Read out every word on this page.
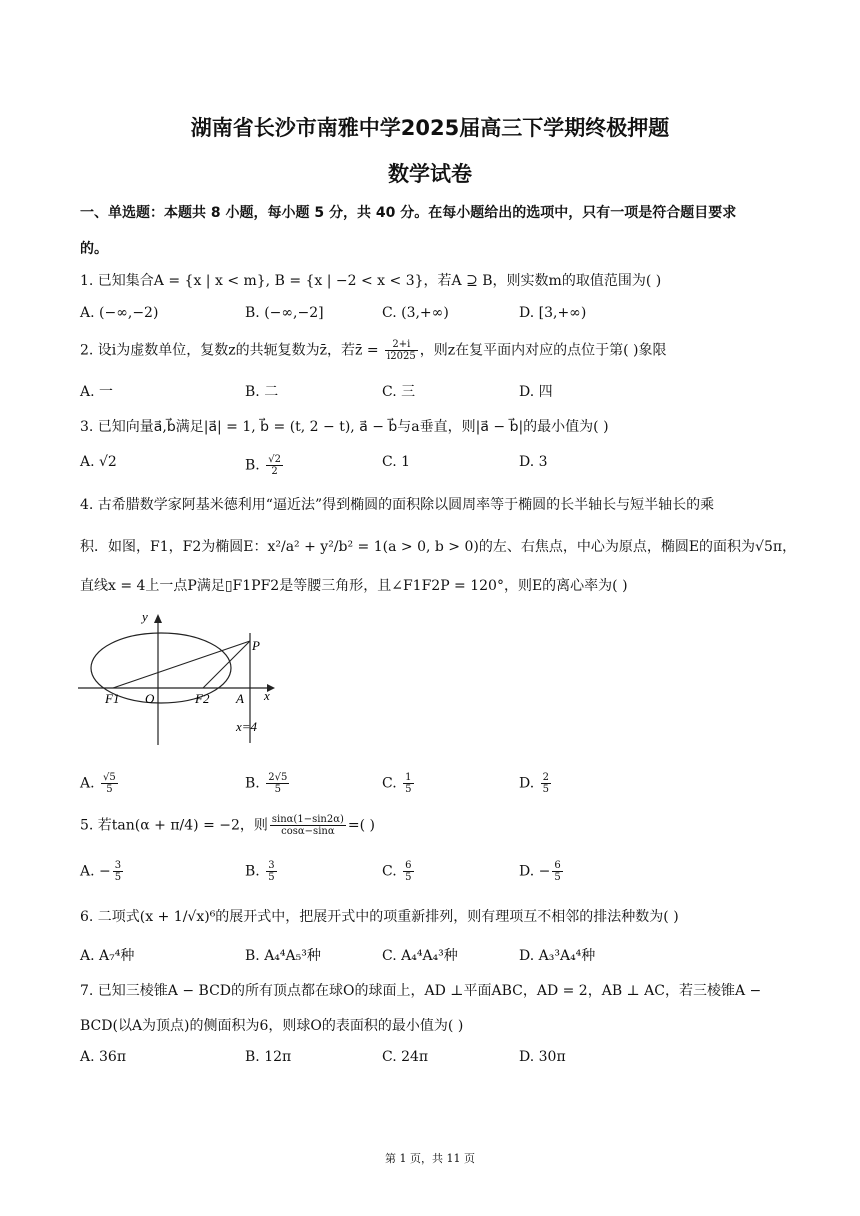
湖南省长沙市南雅中学2025届高三下学期终极押题
数学试卷
一、单选题：本题共 8 小题，每小题 5 分，共 40 分。在每小题给出的选项中，只有一项是符合题目要求
的。
1. 已知集合A = {x | x < m}, B = {x | −2 < x < 3}，若A ⊇ B，则实数m的取值范围为( )
A. (−∞,−2)	B. (−∞,−2]	C. (3,+∞)	D. [3,+∞)
2. 设i为虚数单位，复数z的共轭复数为z̄，若z̄ = $\frac{2+i}{i2025}$ ，则z在复平面内对应的点位于第( )象限
A. 一	B. 二	C. 三	D. 四
3. 已知向量a⃗,b⃗满足|a⃗| = 1, b⃗ = (t, 2 − t), a⃗ − b⃗与a垂直，则|a⃗ − b⃗|的最小值为( )
A. √2	B. $\frac{√2}{2}$	C. 1	D. 3
4. 古希腊数学家阿基米德利用“逼近法”得到椭圆的面积除以圆周率等于椭圆的长半轴长与短半轴长的乘
积．如图，F1，F2为椭圆E：x²/a² + y²/b² = 1(a > 0, b > 0)的左、右焦点，中心为原点，椭圆E的面积为√5π，
直线x = 4上一点P满足▯F1PF2是等腰三角形，且∠F1F2P = 120°，则E的离心率为( )
y
x
P
F1 O	F2 A
x=4
A. $\frac{√5}{5}$	B. $\frac{2√5}{5}$	C. $\frac{1}{5}$	D. $\frac{2}{5}$
5. 若tan(α + π/4) = −2，则 $\frac{\sin\alpha(1-\sin 2\alpha)}{\cos\alpha-\sin\alpha}$ =( )
A. − $\frac{3}{5}$	B. $\frac{3}{5}$	C. $\frac{6}{5}$	D. − $\frac{6}{5}$
6. 二项式(x + 1/√x)⁶的展开式中，把展开式中的项重新排列，则有理项互不相邻的排法种数为( )
A. A₇⁴种	B. A₄⁴A₅³种	C. A₄⁴A₄³种	D. A₃³A₄⁴种
7. 已知三棱锥A − BCD的所有顶点都在球O的球面上，AD ⊥平面ABC，AD = 2，AB ⊥ AC，若三棱锥A −
BCD(以A为顶点)的侧面积为6，则球O的表面积的最小值为( )
A. 36π	B. 12π	C. 24π	D. 30π
第 1 页，共 11 页
